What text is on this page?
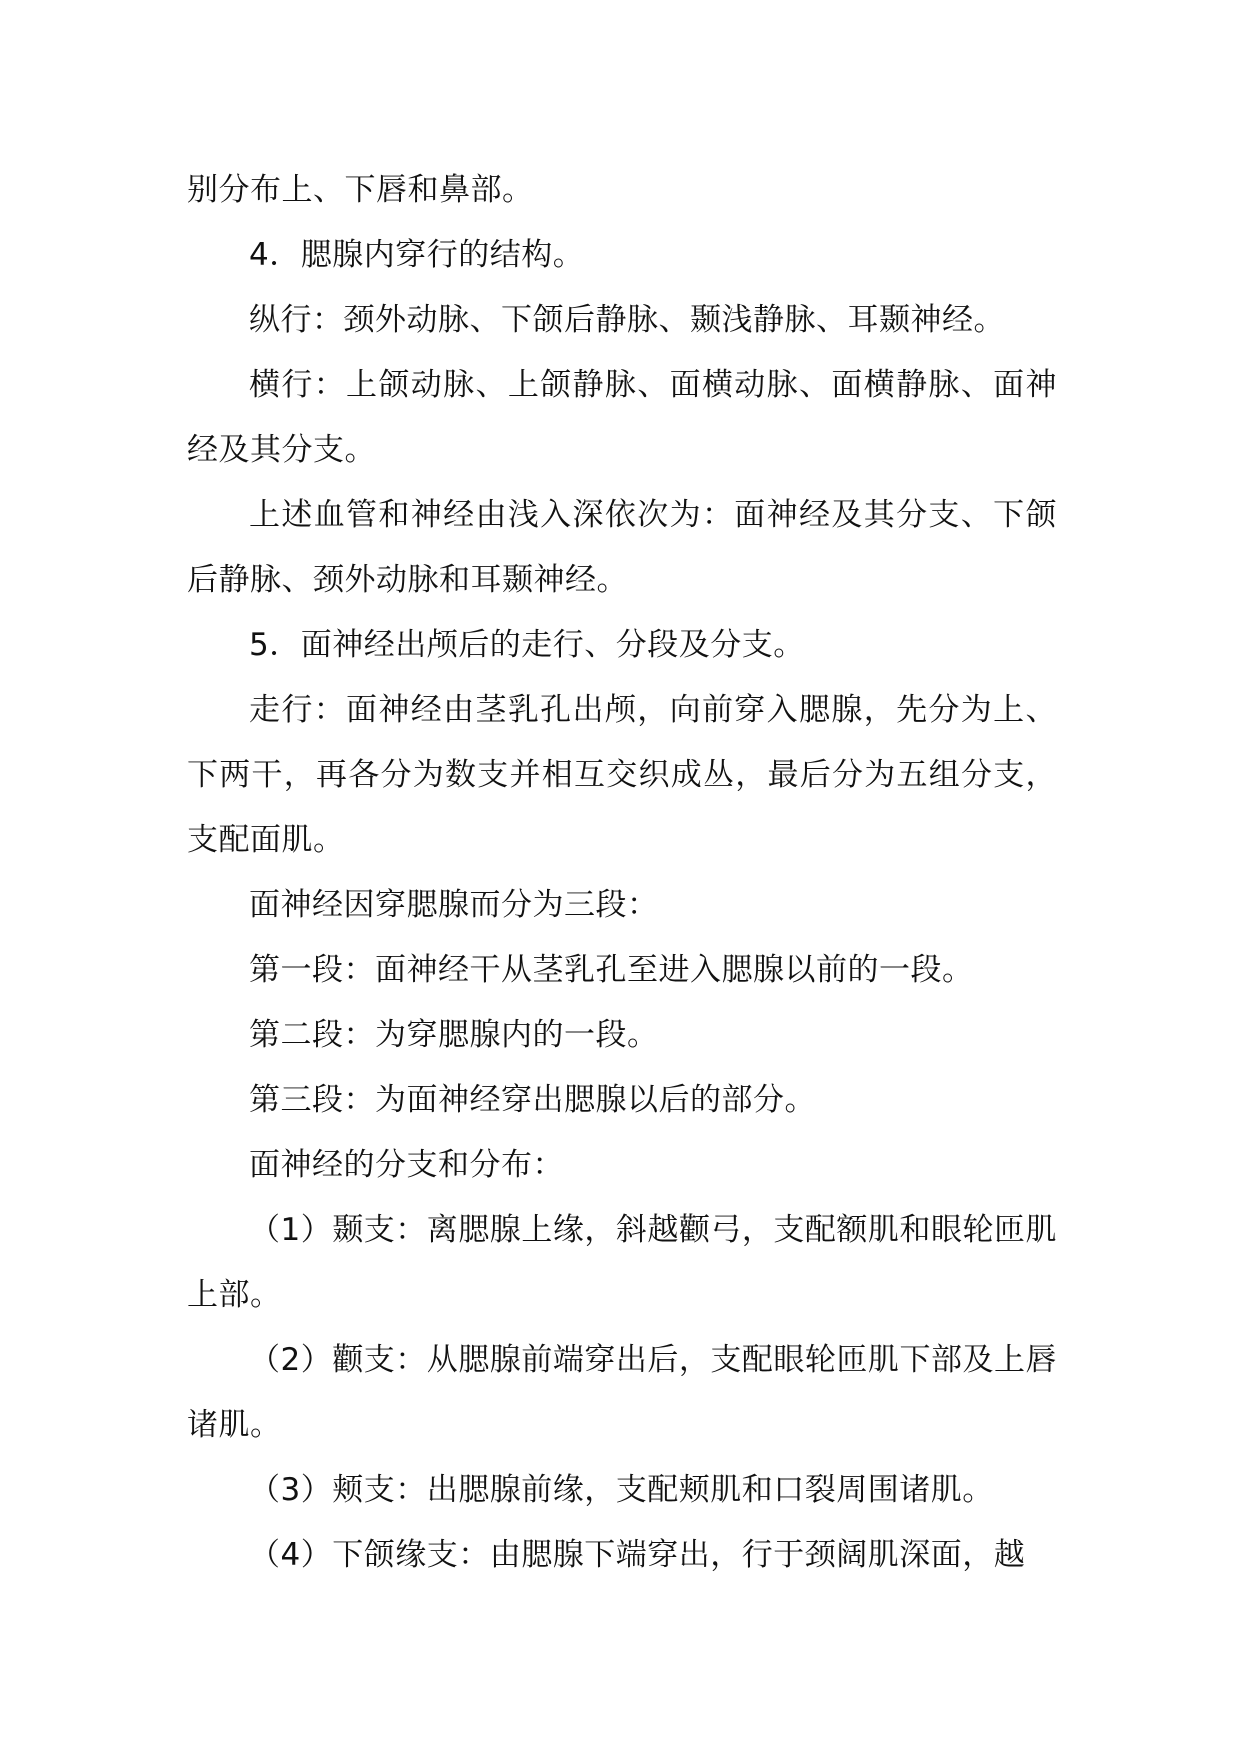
别分布上、下唇和鼻部。

4．腮腺内穿行的结构。

纵行：颈外动脉、下颌后静脉、颞浅静脉、耳颞神经。

横行：上颌动脉、上颌静脉、面横动脉、面横静脉、面神经及其分支。

上述血管和神经由浅入深依次为：面神经及其分支、下颌后静脉、颈外动脉和耳颞神经。

5．面神经出颅后的走行、分段及分支。

走行：面神经由茎乳孔出颅，向前穿入腮腺，先分为上、下两干，再各分为数支并相互交织成丛，最后分为五组分支，支配面肌。

面神经因穿腮腺而分为三段：

第一段：面神经干从茎乳孔至进入腮腺以前的一段。

第二段：为穿腮腺内的一段。

第三段：为面神经穿出腮腺以后的部分。

面神经的分支和分布：

（1）颞支：离腮腺上缘，斜越颧弓，支配额肌和眼轮匝肌上部。

（2）颧支：从腮腺前端穿出后，支配眼轮匝肌下部及上唇诸肌。

（3）颊支：出腮腺前缘，支配颊肌和口裂周围诸肌。

（4）下颌缘支：由腮腺下端穿出，行于颈阔肌深面，越
